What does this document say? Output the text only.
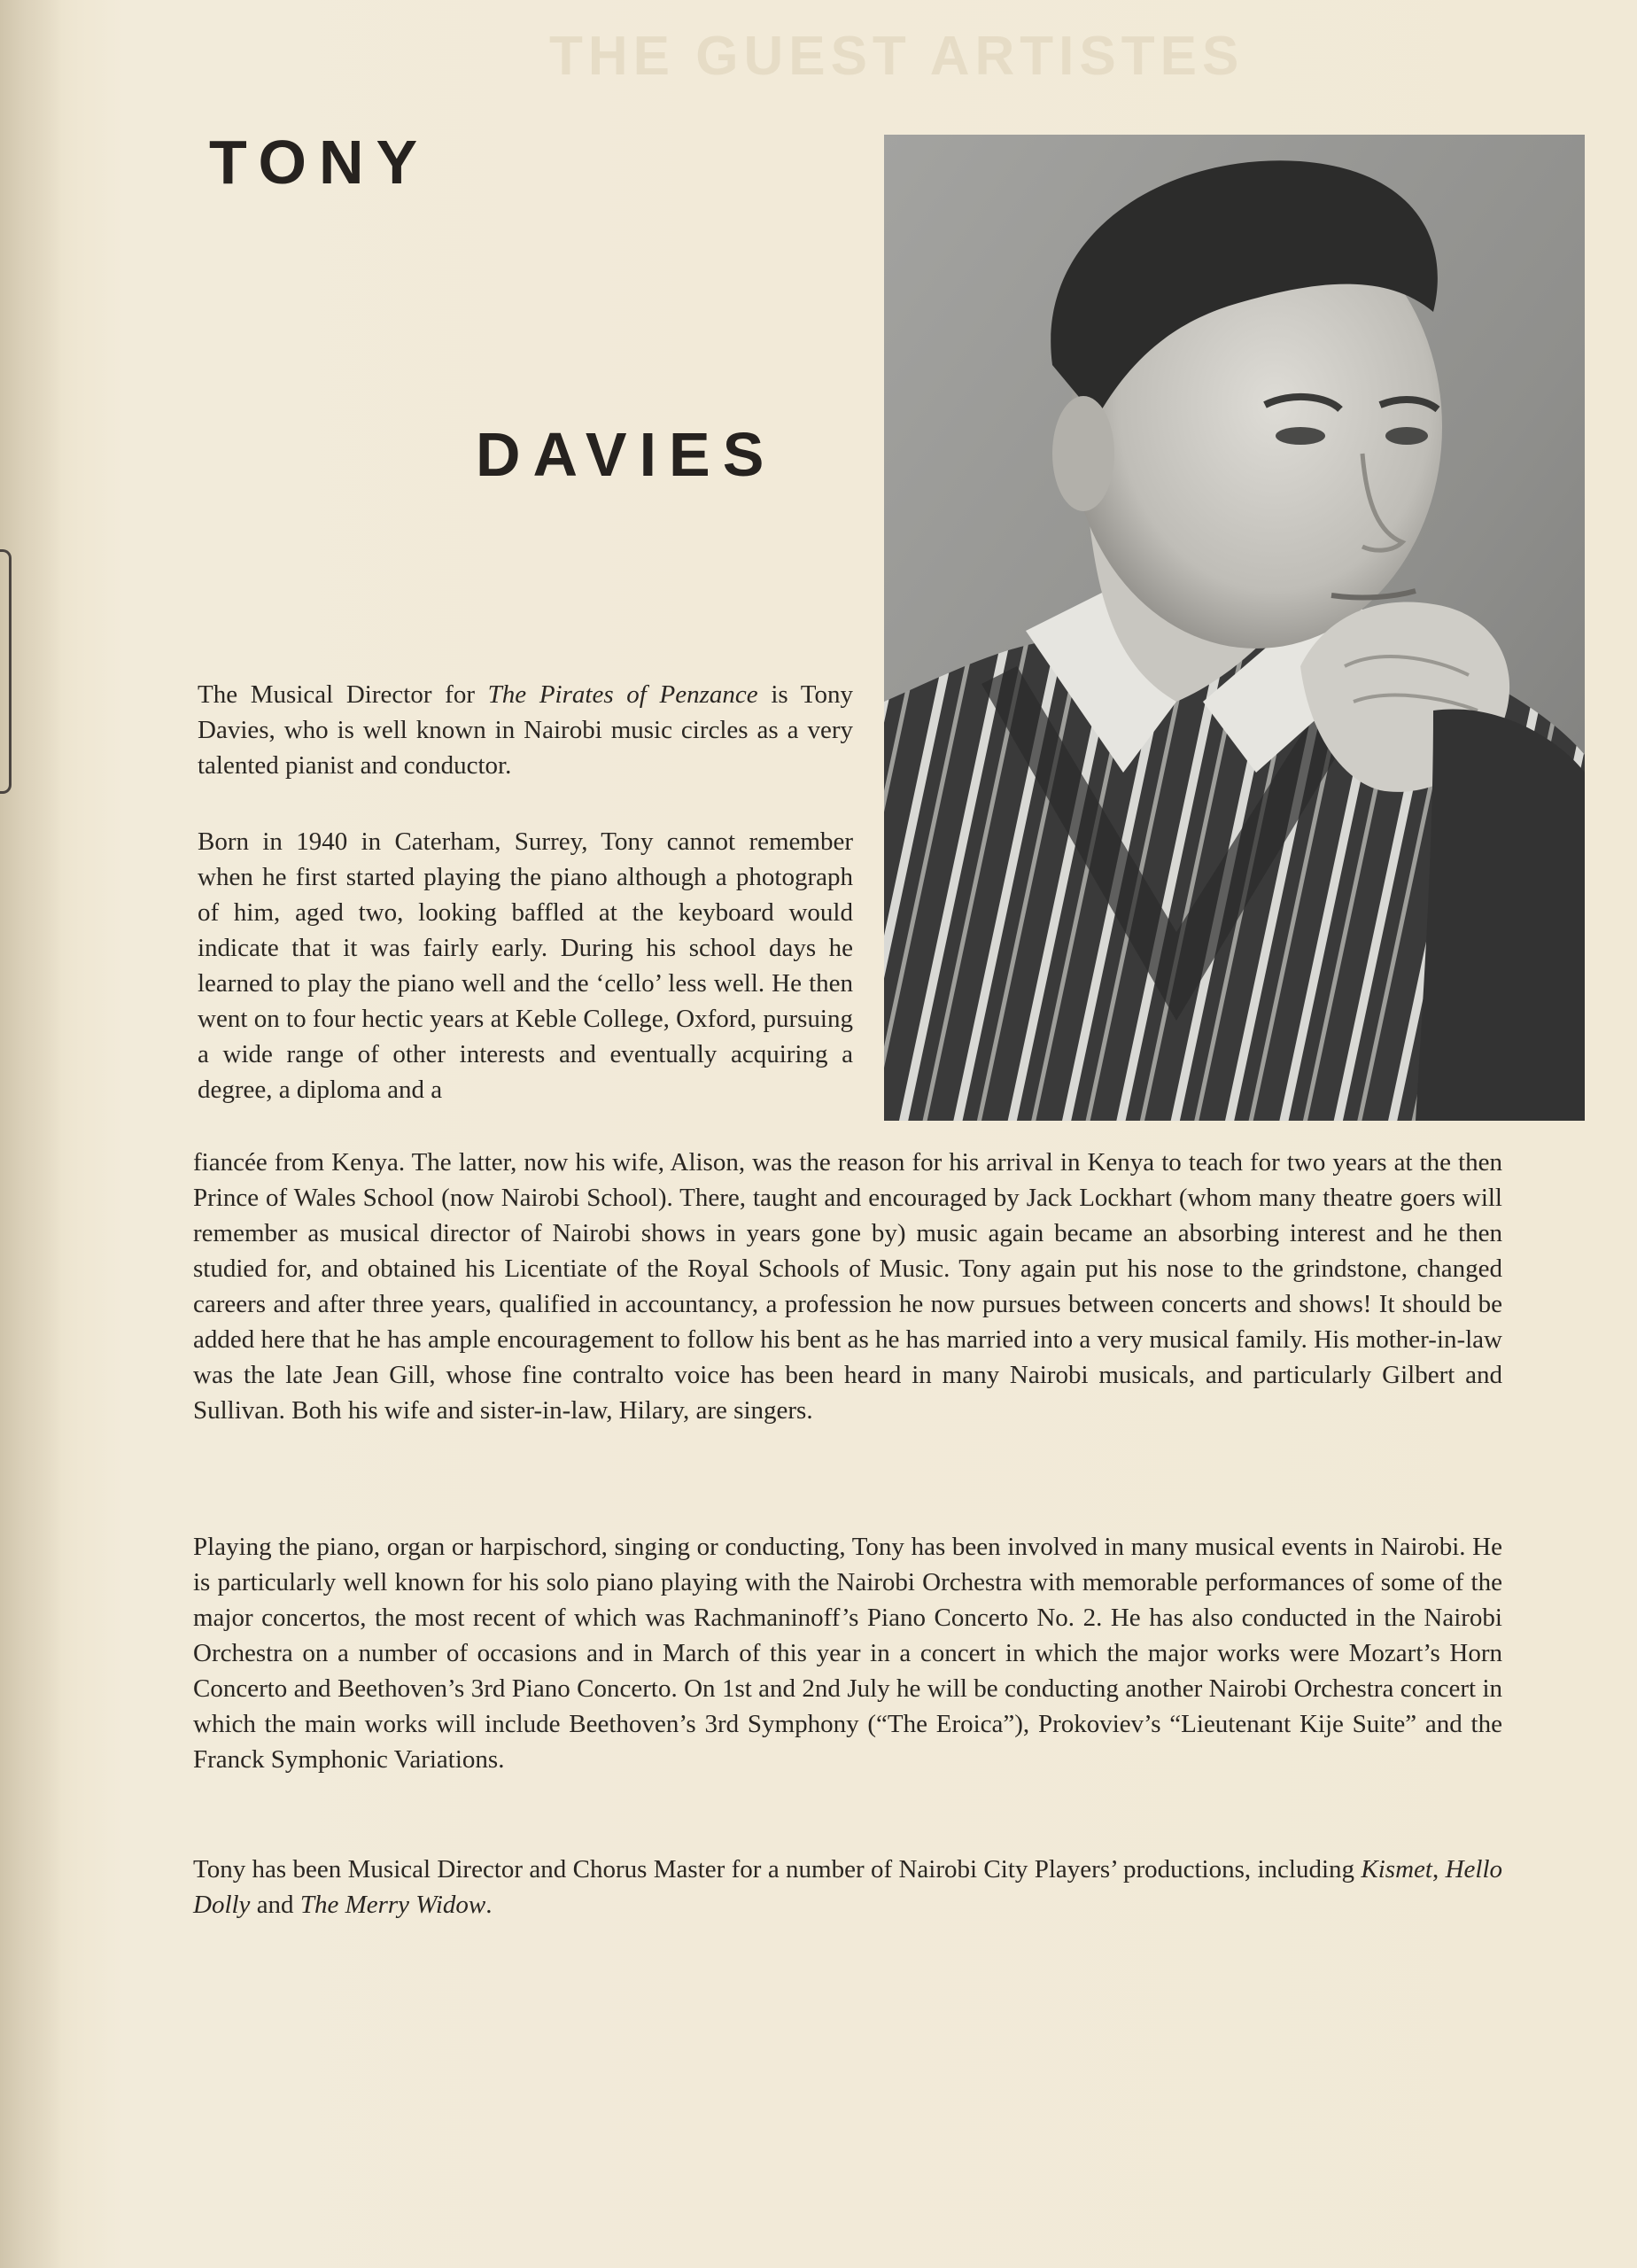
THE GUEST ARTISTES
TONY
DAVIES

The Musical Director for The Pirates of Penzance is Tony Davies, who is well known in Nairobi music circles as a very talented pianist and conductor.

Born in 1940 in Caterham, Surrey, Tony cannot remember when he first started playing the piano although a photograph of him, aged two, looking baffled at the keyboard would indicate that it was fairly early. During his school days he learned to play the piano well and the ‘cello’ less well. He then went on to four hectic years at Keble College, Oxford, pursuing a wide range of other interests and eventually acquiring a degree, a diploma and a

fiancée from Kenya. The latter, now his wife, Alison, was the reason for his arrival in Kenya to teach for two years at the then Prince of Wales School (now Nairobi School). There, taught and encouraged by Jack Lockhart (whom many theatre goers will remember as musical director of Nairobi shows in years gone by) music again became an absorbing interest and he then studied for, and obtained his Licentiate of the Royal Schools of Music. Tony again put his nose to the grindstone, changed careers and after three years, qualified in accountancy, a profession he now pursues between concerts and shows! It should be added here that he has ample encouragement to follow his bent as he has married into a very musical family. His mother-in-law was the late Jean Gill, whose fine contralto voice has been heard in many Nairobi musicals, and particularly Gilbert and Sullivan. Both his wife and sister-in-law, Hilary, are singers.

Playing the piano, organ or harpischord, singing or conducting, Tony has been involved in many musical events in Nairobi. He is particularly well known for his solo piano playing with the Nairobi Orchestra with memorable performances of some of the major concertos, the most recent of which was Rachmaninoff’s Piano Concerto No. 2. He has also conducted in the Nairobi Orchestra on a number of occasions and in March of this year in a concert in which the major works were Mozart’s Horn Concerto and Beethoven’s 3rd Piano Concerto. On 1st and 2nd July he will be conducting another Nairobi Orchestra concert in which the main works will include Beethoven’s 3rd Symphony (“The Eroica”), Prokoviev’s “Lieutenant Kije Suite” and the Franck Symphonic Variations.

Tony has been Musical Director and Chorus Master for a number of Nairobi City Players’ productions, including Kismet, Hello Dolly and The Merry Widow.
